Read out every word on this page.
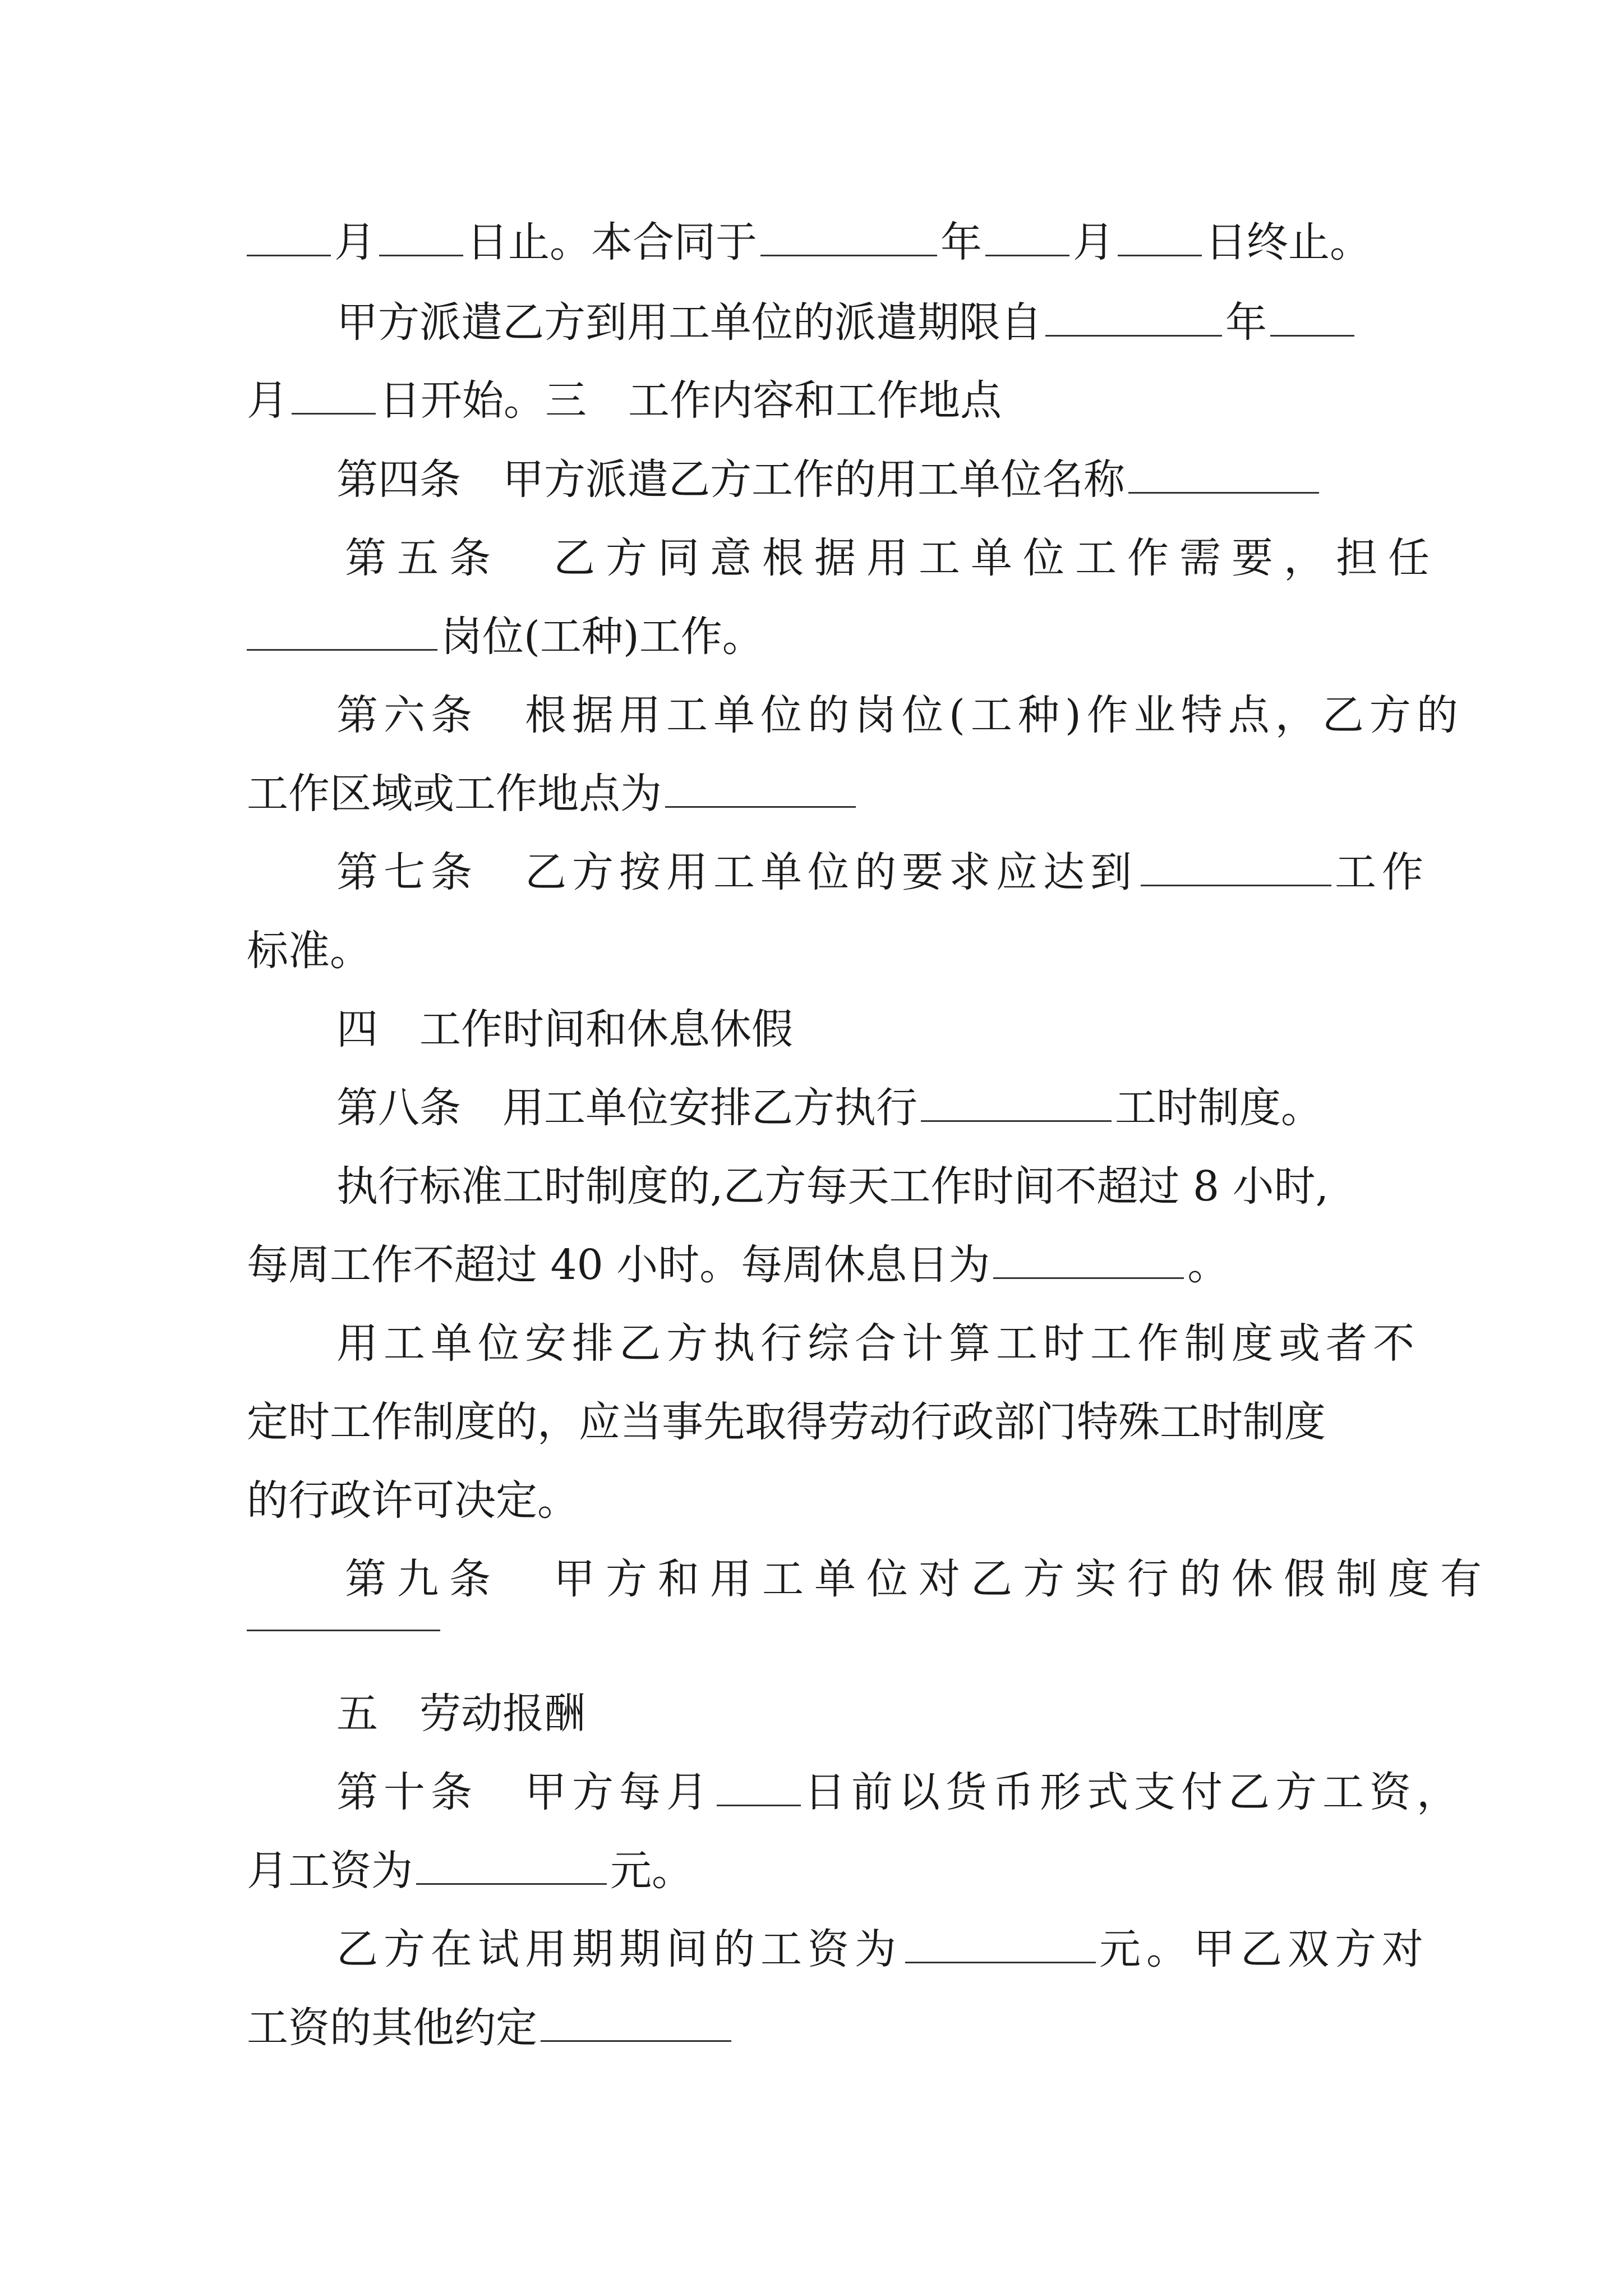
月 日止。本合同于	年 月 日终止。
甲方派遣乙方到用工单位的派遣期限自	年
月 日开始。三　工作内容和工作地点
第四条　甲方派遣乙方工作的用工单位名称
第五条　乙方同意根据用工单位工作需要，担任
岗位(工种)工作。
第六条　根据用工单位的岗位(工种)作业特点，乙方的
工作区域或工作地点为
第七条　乙方按用工单位的要求应达到	工作
标准。
四　工作时间和休息休假
第八条　用工单位安排乙方执行	工时制度。
执行标准工时制度的,乙方每天工作时间不超过 8 小时,
每周工作不超过 40 小时。每周休息日为	。
用工单位安排乙方执行综合计算工时工作制度或者不
定时工作制度的，应当事先取得劳动行政部门特殊工时制度
的行政许可决定。
第九条　甲方和用工单位对乙方实行的休假制度有
五　劳动报酬
第十条　甲方每月 日前以货币形式支付乙方工资，
月工资为	元。
乙方在试用期期间的工资为	元。甲乙双方对
工资的其他约定
